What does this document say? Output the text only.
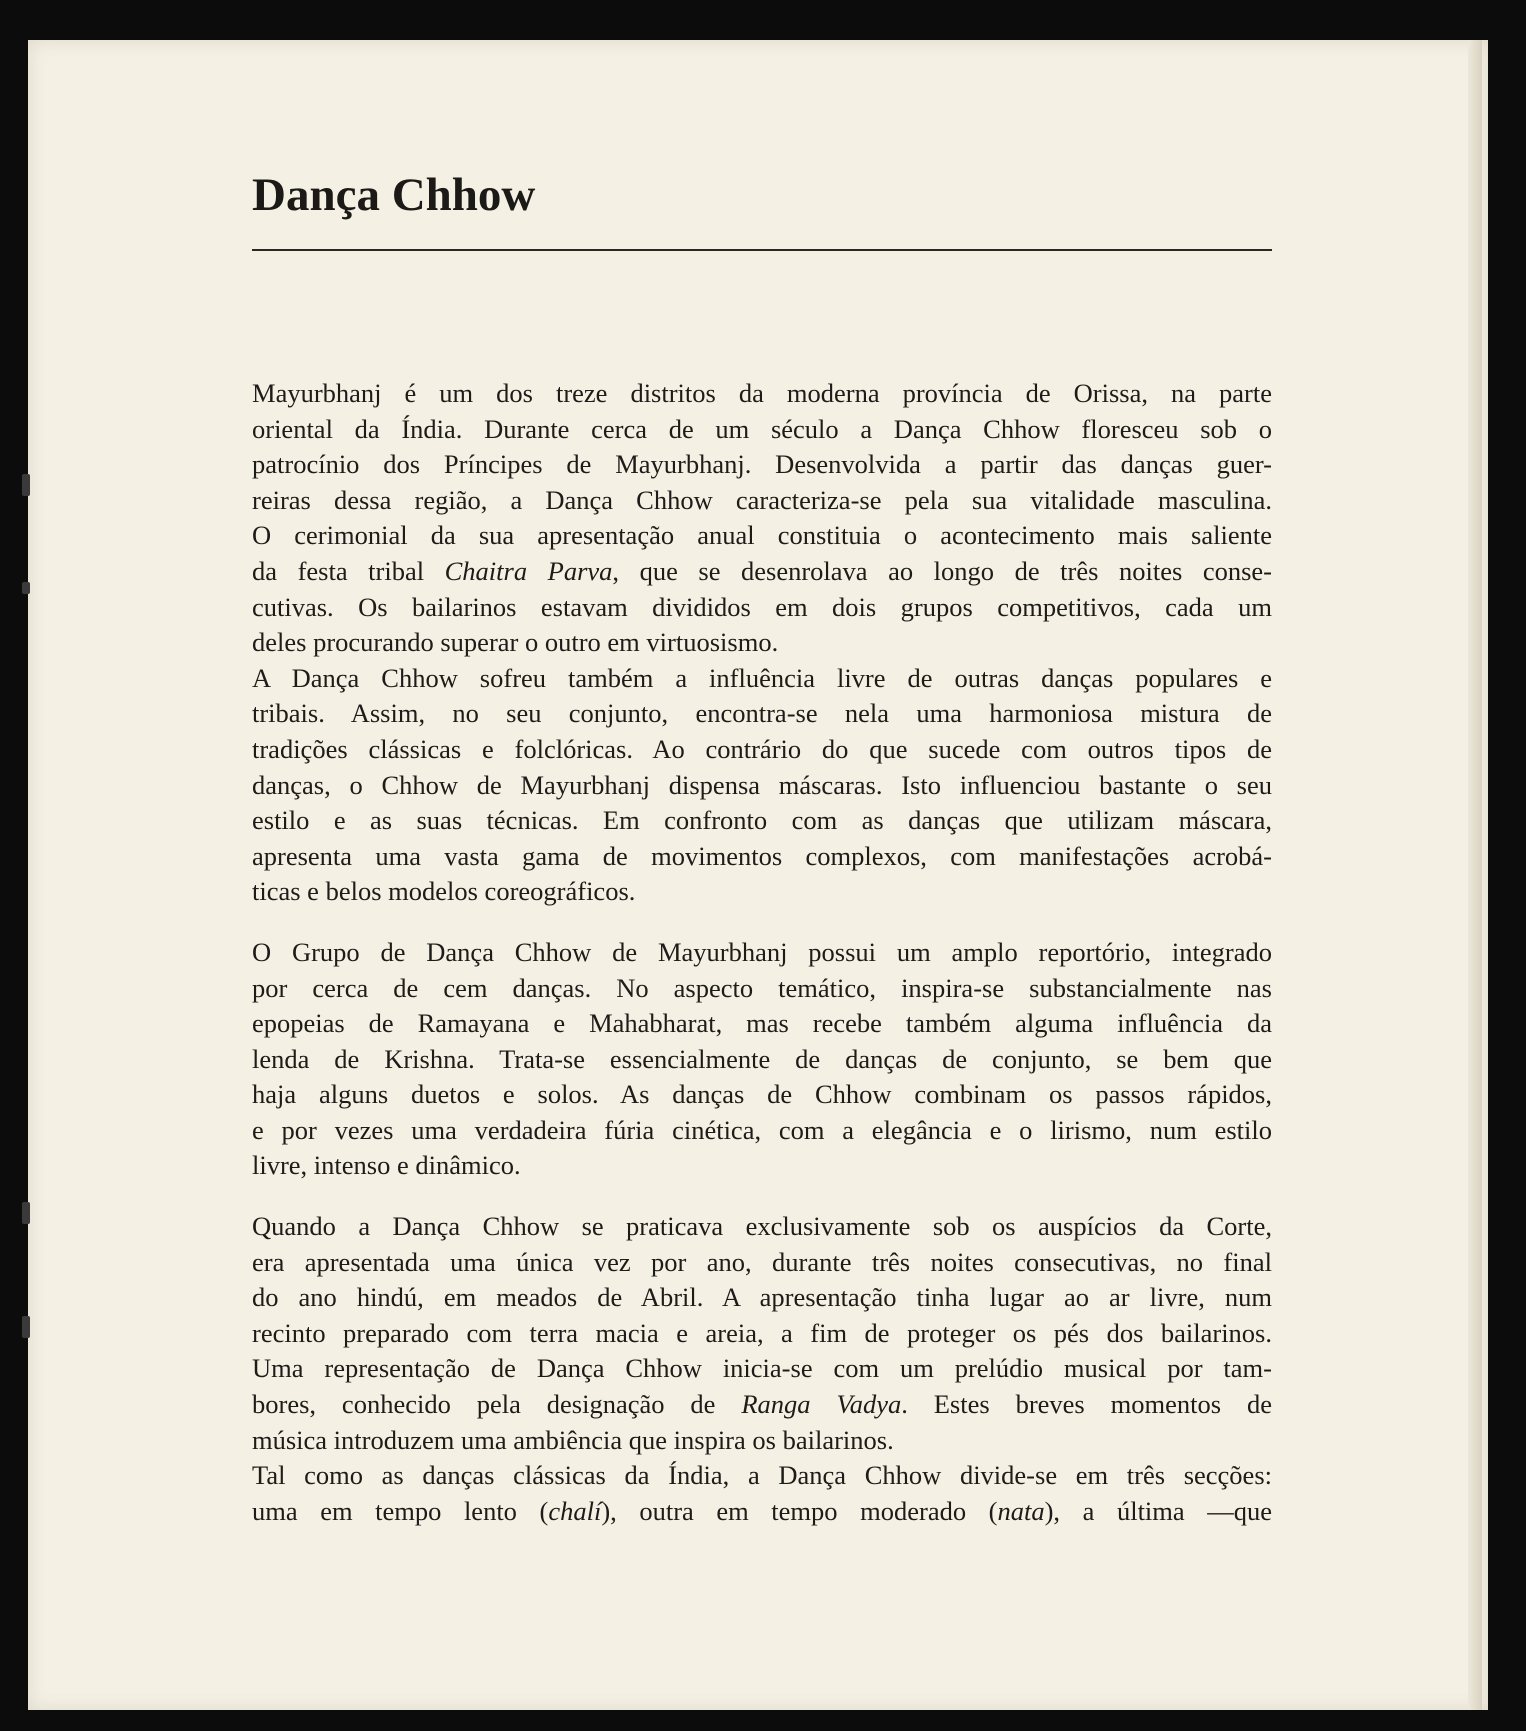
Dança Chhow

Mayurbhanj é um dos treze distritos da moderna província de Orissa, na parte
oriental da Índia. Durante cerca de um século a Dança Chhow floresceu sob o
patrocínio dos Príncipes de Mayurbhanj. Desenvolvida a partir das danças guer-
reiras dessa região, a Dança Chhow caracteriza-se pela sua vitalidade masculina.
O cerimonial da sua apresentação anual constituia o acontecimento mais saliente
da festa tribal Chaitra Parva, que se desenrolava ao longo de três noites conse-
cutivas. Os bailarinos estavam divididos em dois grupos competitivos, cada um
deles procurando superar o outro em virtuosismo.

A Dança Chhow sofreu também a influência livre de outras danças populares e
tribais. Assim, no seu conjunto, encontra-se nela uma harmoniosa mistura de
tradições clássicas e folclóricas. Ao contrário do que sucede com outros tipos de
danças, o Chhow de Mayurbhanj dispensa máscaras. Isto influenciou bastante o seu
estilo e as suas técnicas. Em confronto com as danças que utilizam máscara,
apresenta uma vasta gama de movimentos complexos, com manifestações acrobá-
ticas e belos modelos coreográficos.

O Grupo de Dança Chhow de Mayurbhanj possui um amplo reportório, integrado
por cerca de cem danças. No aspecto temático, inspira-se substancialmente nas
epopeias de Ramayana e Mahabharat, mas recebe também alguma influência da
lenda de Krishna. Trata-se essencialmente de danças de conjunto, se bem que
haja alguns duetos e solos. As danças de Chhow combinam os passos rápidos,
e por vezes uma verdadeira fúria cinética, com a elegância e o lirismo, num estilo
livre, intenso e dinâmico.

Quando a Dança Chhow se praticava exclusivamente sob os auspícios da Corte,
era apresentada uma única vez por ano, durante três noites consecutivas, no final
do ano hindú, em meados de Abril. A apresentação tinha lugar ao ar livre, num
recinto preparado com terra macia e areia, a fim de proteger os pés dos bailarinos.
Uma representação de Dança Chhow inicia-se com um prelúdio musical por tam-
bores, conhecido pela designação de Ranga Vadya. Estes breves momentos de
música introduzem uma ambiência que inspira os bailarinos.

Tal como as danças clássicas da Índia, a Dança Chhow divide-se em três secções:
uma em tempo lento (chalí), outra em tempo moderado (nata), a última —que
